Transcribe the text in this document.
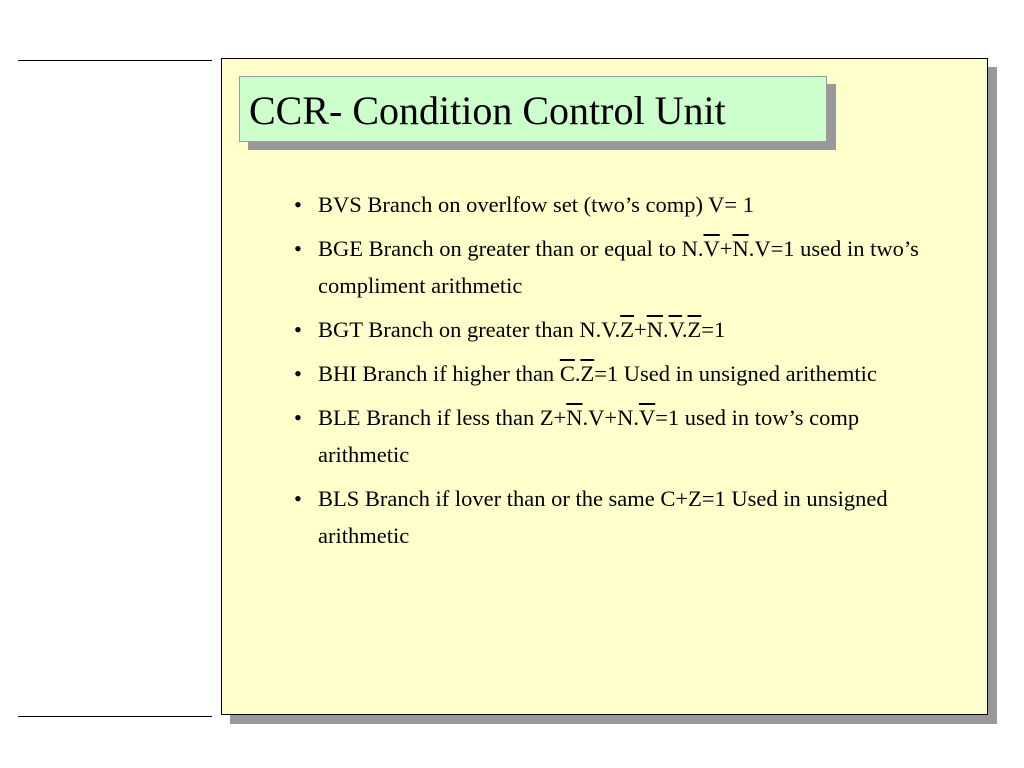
CCR- Condition Control Unit
• BVS Branch on overlfow set (two’s comp) V= 1
• BGE Branch on greater than or equal to $N.\overline{V}+\overline{N}.V=1$ used in two’s compliment arithmetic
• BGT Branch on greater than $N.V.\overline{Z}+\overline{N}.\overline{V}.\overline{Z}=1$
• BHI Branch if higher than $\overline{C}.\overline{Z}=1$ Used in unsigned arithemtic
• BLE Branch if less than $Z+\overline{N}.V+N.\overline{V}=1$ used in tow’s comp arithmetic
• BLS Branch if lover than or the same C+Z=1 Used in unsigned arithmetic
